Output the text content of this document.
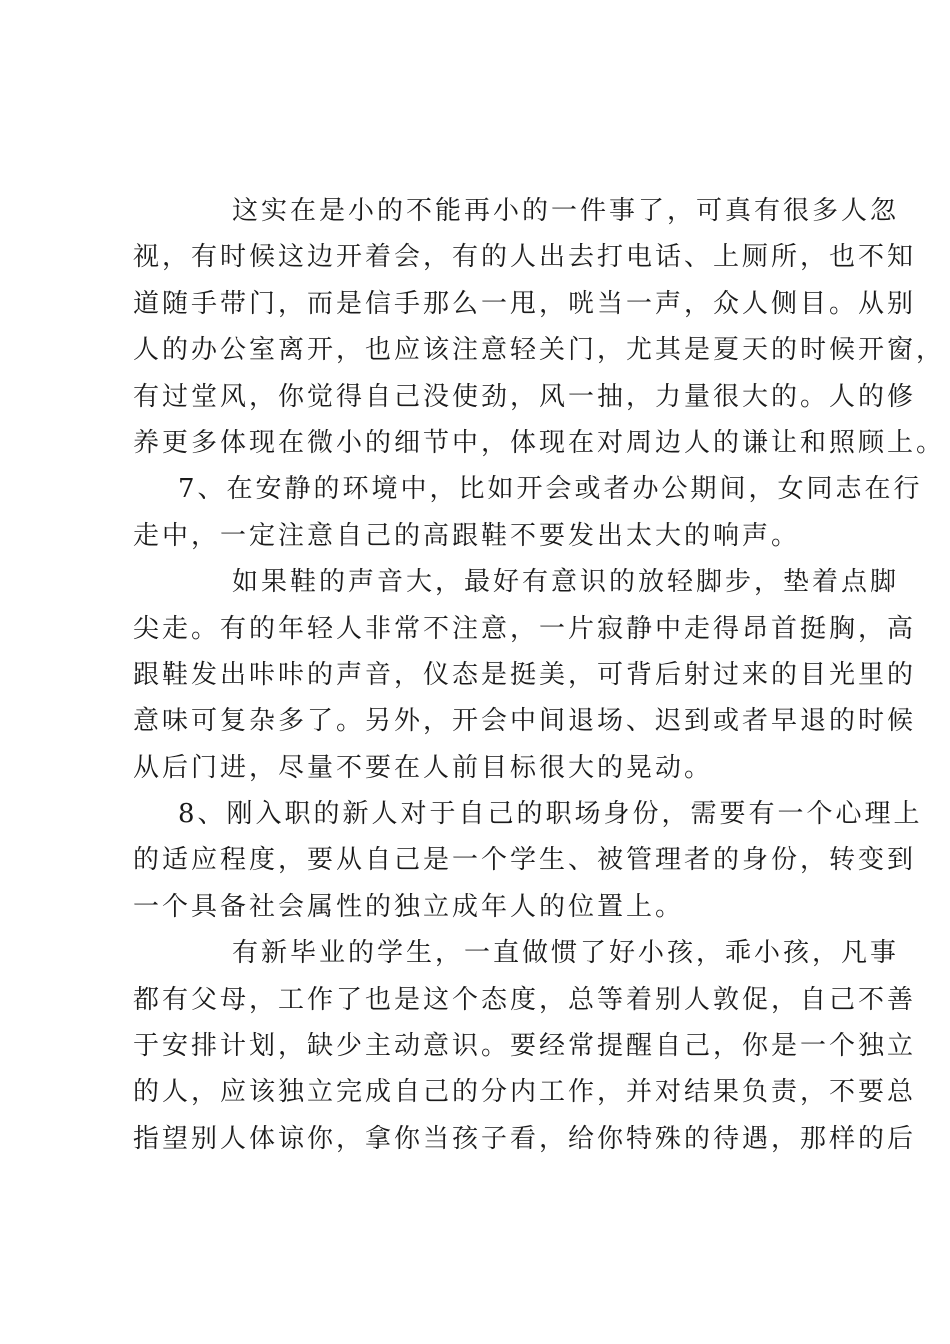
这实在是小的不能再小的一件事了，可真有很多人忽
视，有时候这边开着会，有的人出去打电话、上厕所，也不知
道随手带门，而是信手那么一甩，咣当一声，众人侧目。从别
人的办公室离开，也应该注意轻关门，尤其是夏天的时候开窗，
有过堂风，你觉得自己没使劲，风一抽，力量很大的。人的修
养更多体现在微小的细节中，体现在对周边人的谦让和照顾上。
7、在安静的环境中，比如开会或者办公期间，女同志在行
走中，一定注意自己的高跟鞋不要发出太大的响声。
如果鞋的声音大，最好有意识的放轻脚步，垫着点脚
尖走。有的年轻人非常不注意，一片寂静中走得昂首挺胸，高
跟鞋发出咔咔的声音，仪态是挺美，可背后射过来的目光里的
意味可复杂多了。另外，开会中间退场、迟到或者早退的时候
从后门进，尽量不要在人前目标很大的晃动。
8、刚入职的新人对于自己的职场身份，需要有一个心理上
的适应程度，要从自己是一个学生、被管理者的身份，转变到
一个具备社会属性的独立成年人的位置上。
有新毕业的学生，一直做惯了好小孩，乖小孩，凡事
都有父母，工作了也是这个态度，总等着别人敦促，自己不善
于安排计划，缺少主动意识。要经常提醒自己，你是一个独立
的人，应该独立完成自己的分内工作，并对结果负责，不要总
指望别人体谅你，拿你当孩子看，给你特殊的待遇，那样的后
